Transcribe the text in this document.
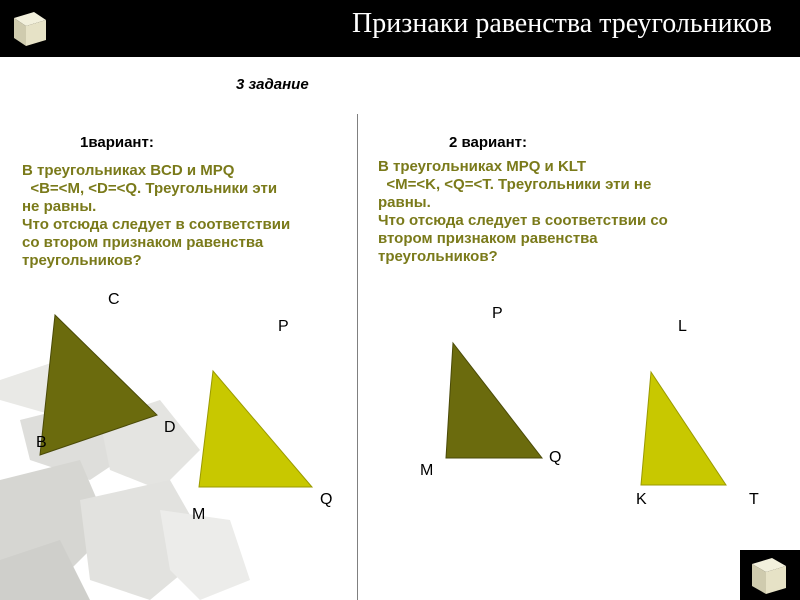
Признаки равенства треугольников
3 задание
1вариант:
В треугольниках BCD и MPQ
<B=<M, <D=<Q. Треугольники эти
не равны.
Что отсюда следует в соответствии
со втором признаком равенства
треугольников?
2 вариант:
В треугольниках MPQ и KLT
<M=<K, <Q=<T. Треугольники эти не
равны.
Что отсюда следует в соответствии со
втором признаком равенства
треугольников?
C
B
D
P
M
Q
P
M
Q
L
K	T
